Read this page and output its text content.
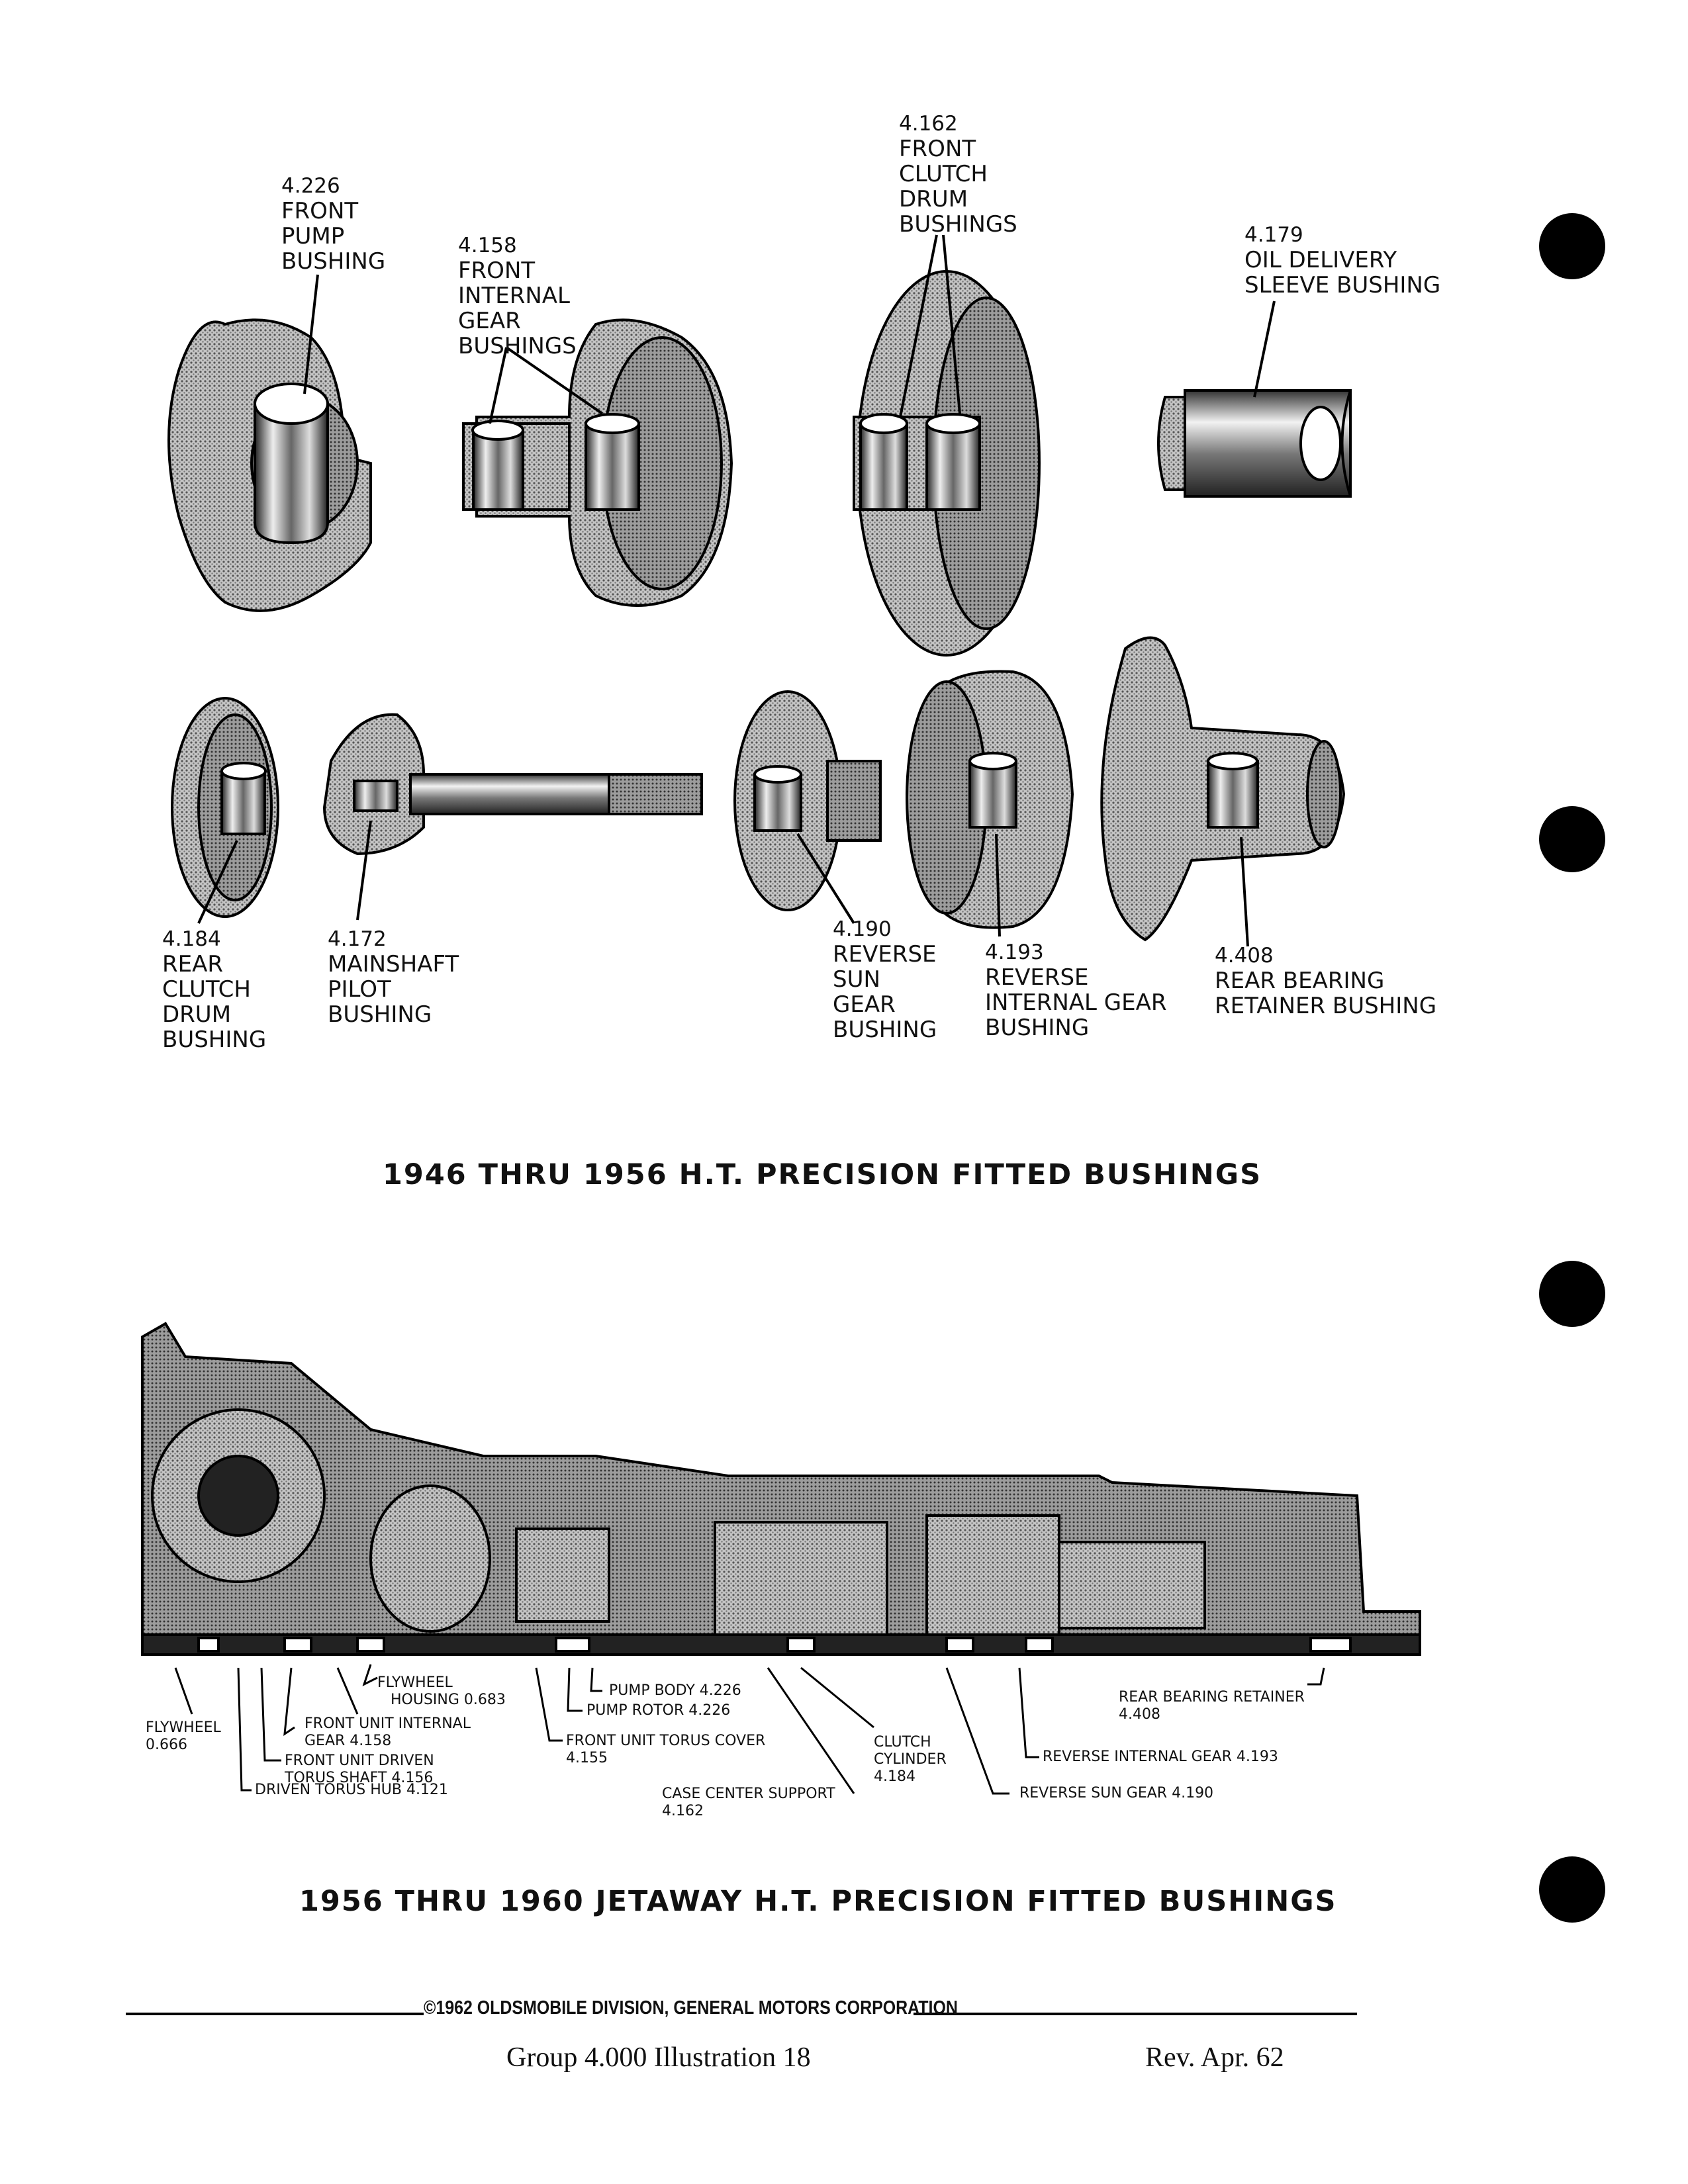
4.226
FRONT
PUMP
BUSHING
4.158
FRONT
INTERNAL
GEAR
BUSHINGS
4.162
FRONT
CLUTCH
DRUM
BUSHINGS	4.179
OIL DELIVERY
SLEEVE BUSHING
4.184
REAR
CLUTCH
DRUM
BUSHING
4.172
MAINSHAFT
PILOT
BUSHING
4.190
REVERSE
SUN
GEAR
BUSHING
4.193
REVERSE
INTERNAL GEAR
BUSHING
4.408
REAR BEARING
RETAINER BUSHING
1946 THRU 1956 H.T. PRECISION FITTED BUSHINGS
FLYWHEEL
0.666
FLYWHEEL
HOUSING 0.683
FRONT UNIT INTERNAL
GEAR 4.158
FRONT UNIT DRIVEN
TORUS SHAFT 4.156
DRIVEN TORUS HUB 4.121
PUMP BODY 4.226
PUMP ROTOR 4.226
FRONT UNIT TORUS COVER
4.155
CASE CENTER SUPPORT
4.162
CLUTCH
CYLINDER
4.184
REAR BEARING RETAINER
4.408
REVERSE INTERNAL GEAR 4.193
REVERSE SUN GEAR 4.190
1956 THRU 1960 JETAWAY H.T. PRECISION FITTED BUSHINGS
©1962 OLDSMOBILE DIVISION, GENERAL MOTORS CORPORATION
Group 4.000 Illustration 18	Rev. Apr. 62
